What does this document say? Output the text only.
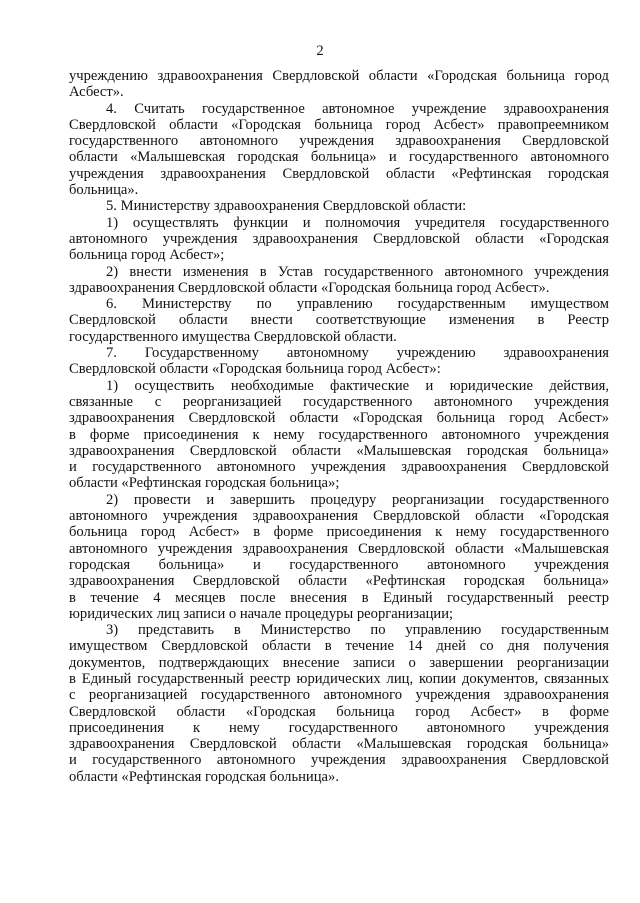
2
учреждению здравоохранения Свердловской области «Городская больница город
Асбест».
4. Считать государственное автономное учреждение здравоохранения
Свердловской области «Городская больница город Асбест» правопреемником
государственного автономного учреждения здравоохранения Свердловской
области «Малышевская городская больница» и государственного автономного
учреждения здравоохранения Свердловской области «Рефтинская городская
больница».
5. Министерству здравоохранения Свердловской области:
1) осуществлять функции и полномочия учредителя государственного
автономного учреждения здравоохранения Свердловской области «Городская
больница город Асбест»;
2) внести изменения в Устав государственного автономного учреждения
здравоохранения Свердловской области «Городская больница город Асбест».
6. Министерству по управлению государственным имуществом
Свердловской области внести соответствующие изменения в Реестр
государственного имущества Свердловской области.
7. Государственному автономному учреждению здравоохранения
Свердловской области «Городская больница город Асбест»:
1) осуществить необходимые фактические и юридические действия,
связанные с реорганизацией государственного автономного учреждения
здравоохранения Свердловской области «Городская больница город Асбест»
в форме присоединения к нему государственного автономного учреждения
здравоохранения Свердловской области «Малышевская городская больница»
и государственного автономного учреждения здравоохранения Свердловской
области «Рефтинская городская больница»;
2) провести и завершить процедуру реорганизации государственного
автономного учреждения здравоохранения Свердловской области «Городская
больница город Асбест» в форме присоединения к нему государственного
автономного учреждения здравоохранения Свердловской области «Малышевская
городская больница» и государственного автономного учреждения
здравоохранения Свердловской области «Рефтинская городская больница»
в течение 4 месяцев после внесения в Единый государственный реестр
юридических лиц записи о начале процедуры реорганизации;
3) представить в Министерство по управлению государственным
имуществом Свердловской области в течение 14 дней со дня получения
документов, подтверждающих внесение записи о завершении реорганизации
в Единый государственный реестр юридических лиц, копии документов, связанных
с реорганизацией государственного автономного учреждения здравоохранения
Свердловской области «Городская больница город Асбест» в форме
присоединения к нему государственного автономного учреждения
здравоохранения Свердловской области «Малышевская городская больница»
и государственного автономного учреждения здравоохранения Свердловской
области «Рефтинская городская больница».
